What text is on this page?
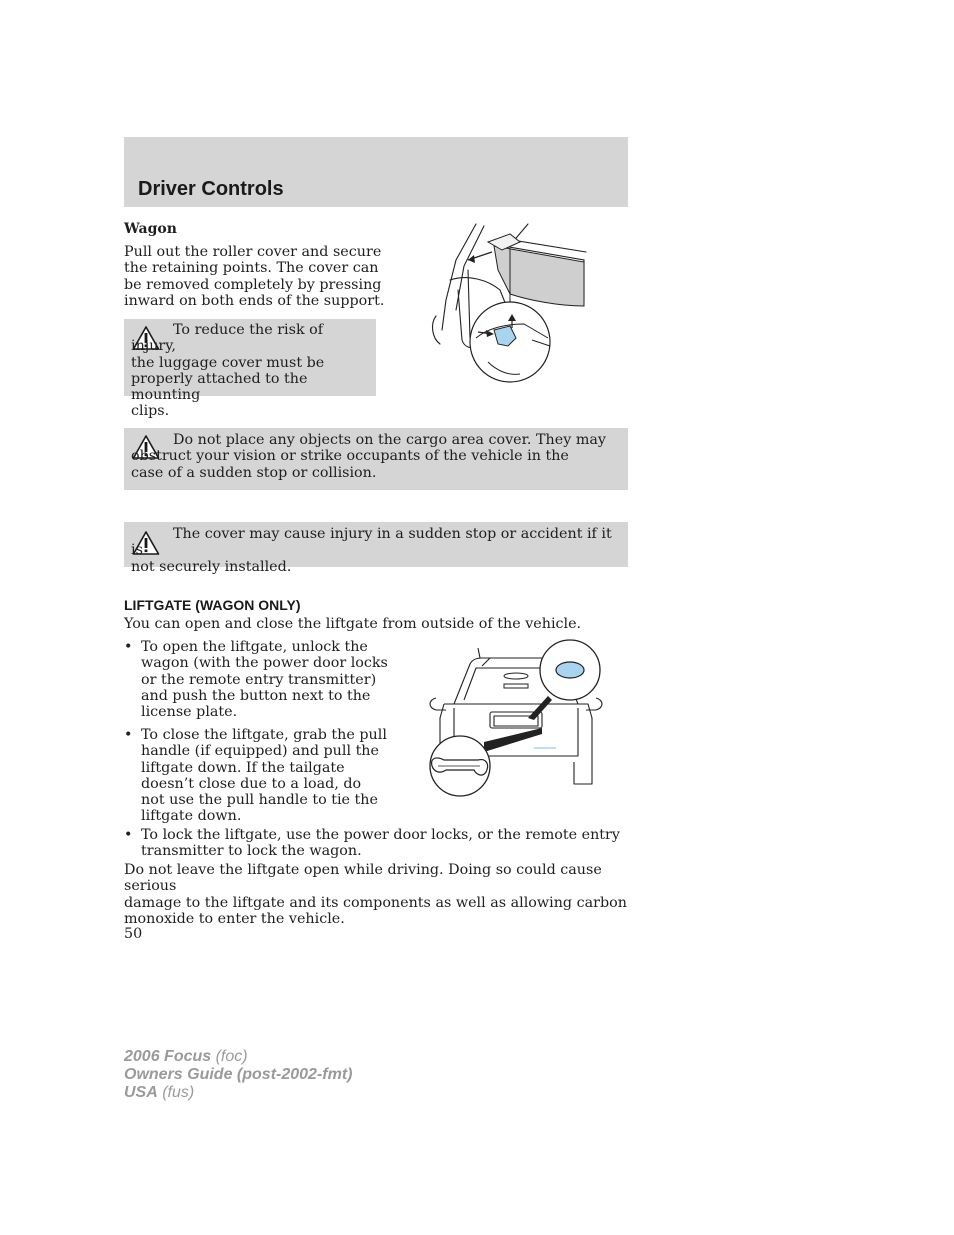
Driver Controls
Wagon
Pull out the roller cover and secure
the retaining points. The cover can
be removed completely by pressing
inward on both ends of the support.
To reduce the risk of injury,
the luggage cover must be
properly attached to the mounting
clips.
Do not place any objects on the cargo area cover. They may
obstruct your vision or strike occupants of the vehicle in the
case of a sudden stop or collision.
The cover may cause injury in a sudden stop or accident if it is
not securely installed.
LIFTGATE (WAGON ONLY)
You can open and close the liftgate from outside of the vehicle.
• To open the liftgate, unlock the
wagon (with the power door locks
or the remote entry transmitter)
and push the button next to the
license plate.
• To close the liftgate, grab the pull
handle (if equipped) and pull the
liftgate down. If the tailgate
doesn’t close due to a load, do
not use the pull handle to tie the
liftgate down.
• To lock the liftgate, use the power door locks, or the remote entry
transmitter to lock the wagon.
Do not leave the liftgate open while driving. Doing so could cause serious
damage to the liftgate and its components as well as allowing carbon
monoxide to enter the vehicle.
50
2006 Focus (foc)
Owners Guide (post-2002-fmt)
USA (fus)
